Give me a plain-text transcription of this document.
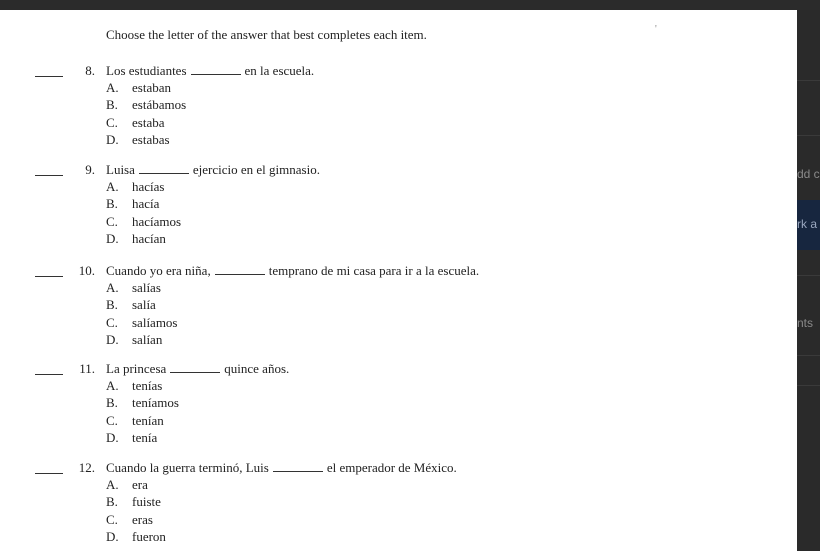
Choose the letter of the answer that best completes each item.	'
8. Los estudiantes	en la escuela.
A. estaban
B. estábamos
C. estaba
D. estabas
9. Luisa	ejercicio en el gimnasio.
A. hacías
B. hacía
C. hacíamos
D. hacían
10. Cuando yo era niña,	temprano de mi casa para ir a la escuela.
A. salías
B. salía
C. salíamos
D. salían
11. La princesa	quince años.
A. tenías
B. teníamos
C. tenían
D. tenía
12. Cuando la guerra terminó, Luis	el emperador de México.
A. era
B. fuiste
C. eras
D. fueron
dd c
rk a
nts
